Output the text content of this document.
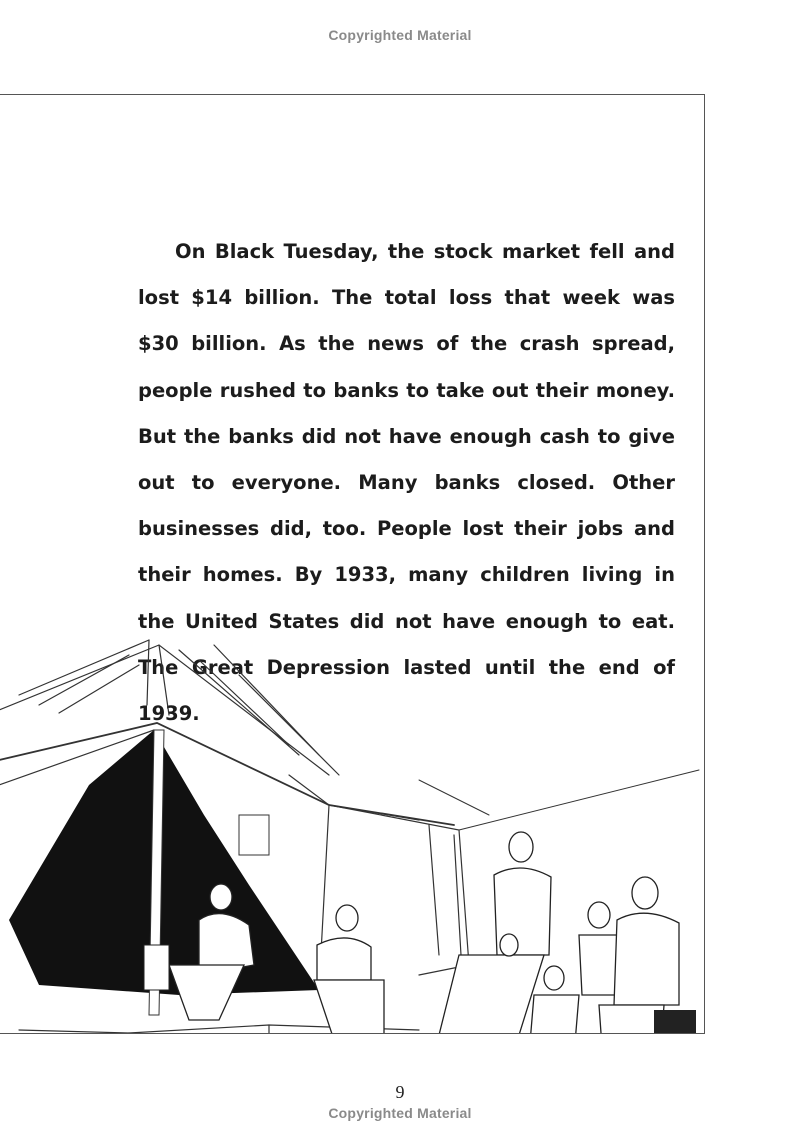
Copyrighted Material

On Black Tuesday, the stock market fell and lost $14 billion. The total loss that week was $30 billion. As the news of the crash spread, people rushed to banks to take out their money. But the banks did not have enough cash to give out to everyone. Many banks closed. Other businesses did, too. People lost their jobs and their homes. By 1933, many children living in the United States did not have enough to eat. The Great Depression lasted until the end of 1939.

9
Copyrighted Material
